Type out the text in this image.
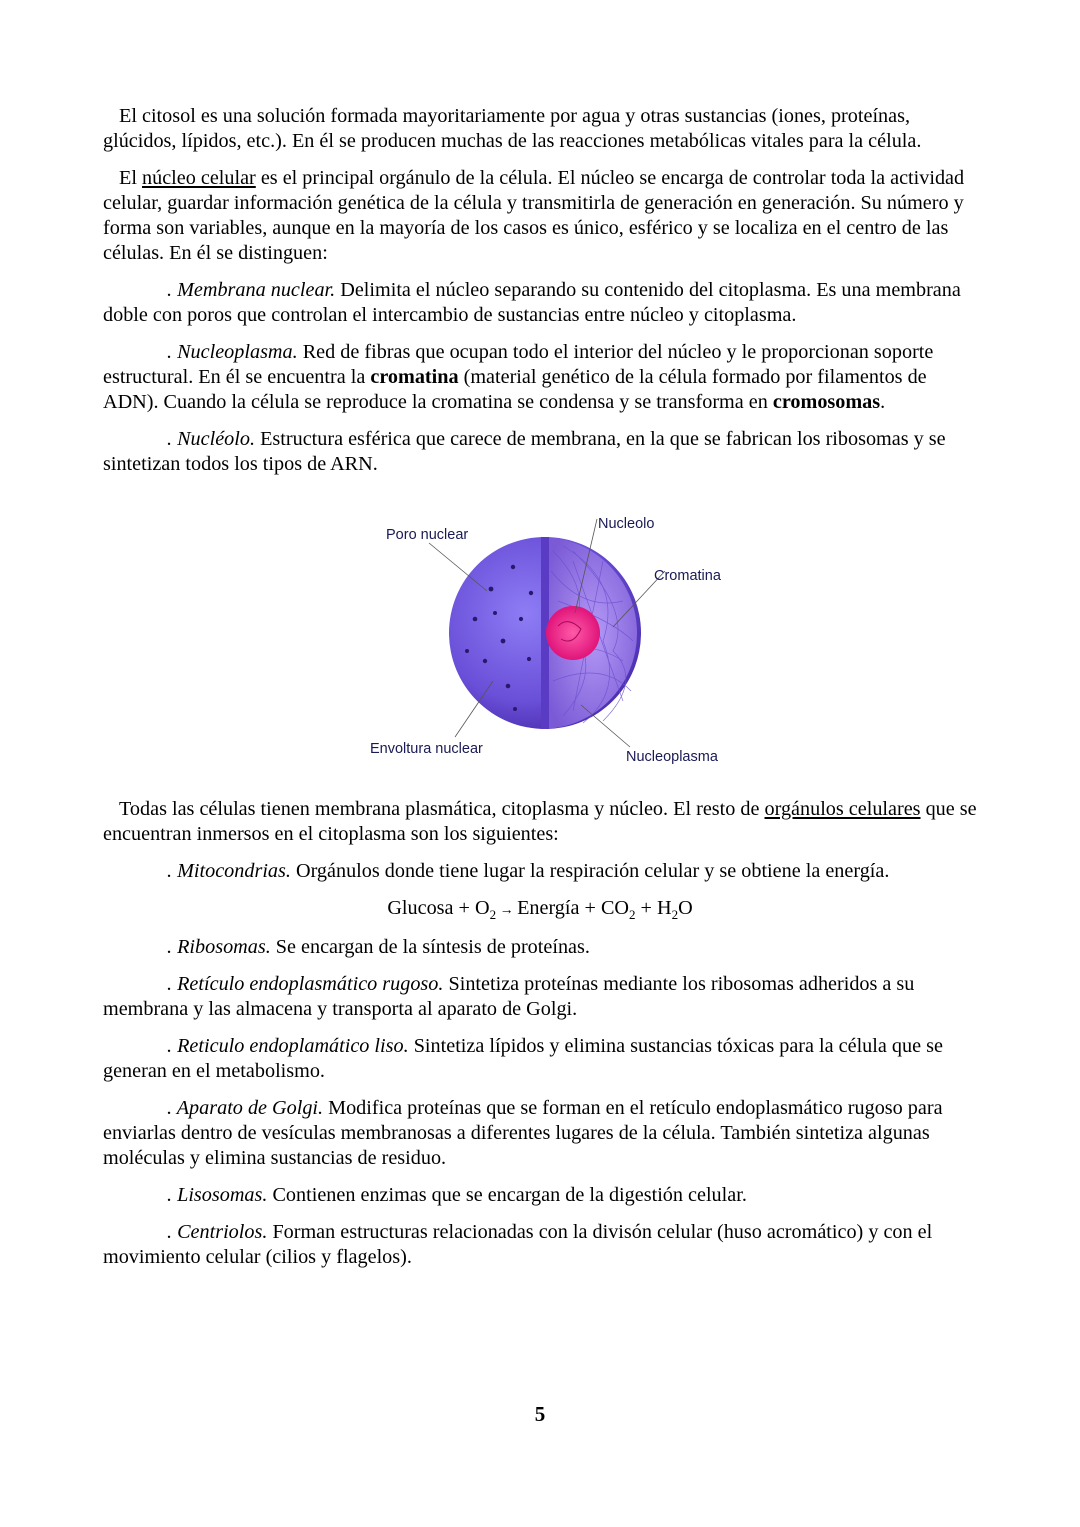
El citosol es una solución formada mayoritariamente por agua y otras sustancias (iones, proteínas, glúcidos, lípidos, etc.). En él se producen muchas de las reacciones metabólicas vitales para la célula.

El núcleo celular es el principal orgánulo de la célula. El núcleo se encarga de controlar toda la actividad celular, guardar información genética de la célula y transmitirla de generación en generación. Su número y forma son variables, aunque en la mayoría de los casos es único, esférico y se localiza en el centro de las células. En él se distinguen:

. Membrana nuclear. Delimita el núcleo separando su contenido del citoplasma. Es una membrana doble con poros que controlan el intercambio de sustancias entre núcleo y citoplasma.

. Nucleoplasma. Red de fibras que ocupan todo el interior del núcleo y le proporcionan soporte estructural. En él se encuentra la cromatina (material genético de la célula formado por filamentos de ADN). Cuando la célula se reproduce la cromatina se condensa y se transforma en cromosomas.

. Nucléolo. Estructura esférica que carece de membrana, en la que se fabrican los ribosomas y se sintetizan todos los tipos de ARN.

Poro nuclear
Nucleolo
Cromatina
Envoltura nuclear	Nucleoplasma

Todas las células tienen membrana plasmática, citoplasma y núcleo. El resto de orgánulos celulares que se encuentran inmersos en el citoplasma son los siguientes:

. Mitocondrias. Orgánulos donde tiene lugar la respiración celular y se obtiene la energía.

$Glucosa + O_2$ → Energía + $CO_2 + H_2O$

. Ribosomas. Se encargan de la síntesis de proteínas.

. Retículo endoplasmático rugoso. Sintetiza proteínas mediante los ribosomas adheridos a su membrana y las almacena y transporta al aparato de Golgi.

. Reticulo endoplamático liso. Sintetiza lípidos y elimina sustancias tóxicas para la célula que se generan en el metabolismo.

. Aparato de Golgi. Modifica proteínas que se forman en el retículo endoplasmático rugoso para enviarlas dentro de vesículas membranosas a diferentes lugares de la célula. También sintetiza algunas moléculas y elimina sustancias de residuo.

. Lisosomas. Contienen enzimas que se encargan de la digestión celular.

. Centriolos. Forman estructuras relacionadas con la divisón celular (huso acromático) y con el movimiento celular (cilios y flagelos).

5
